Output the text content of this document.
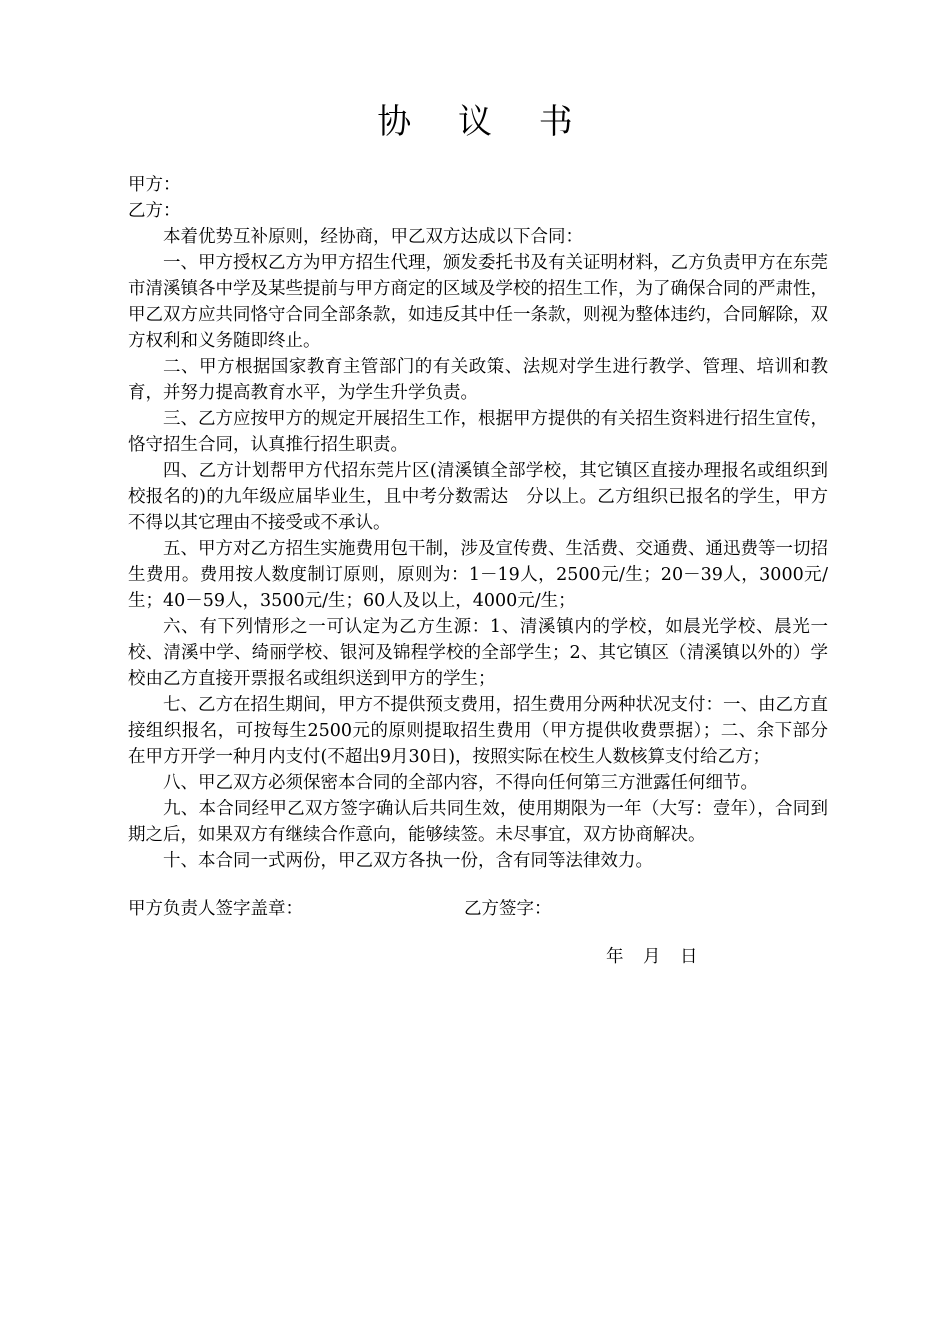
协 议 书

甲方：

乙方：

本着优势互补原则，经协商，甲乙双方达成以下合同：

一、甲方授权乙方为甲方招生代理，颁发委托书及有关证明材料，乙方负责甲方在东莞市清溪镇各中学及某些提前与甲方商定的区域及学校的招生工作，为了确保合同的严肃性，甲乙双方应共同恪守合同全部条款，如违反其中任一条款，则视为整体违约，合同解除，双方权利和义务随即终止。

二、甲方根据国家教育主管部门的有关政策、法规对学生进行教学、管理、培训和教育，并努力提高教育水平，为学生升学负责。

三、乙方应按甲方的规定开展招生工作，根据甲方提供的有关招生资料进行招生宣传，恪守招生合同，认真推行招生职责。

四、乙方计划帮甲方代招东莞片区(清溪镇全部学校，其它镇区直接办理报名或组织到校报名的)的九年级应届毕业生，且中考分数需达　分以上。乙方组织已报名的学生，甲方不得以其它理由不接受或不承认。

五、甲方对乙方招生实施费用包干制，涉及宣传费、生活费、交通费、通迅费等一切招生费用。费用按人数度制订原则，原则为：1－19人，2500元/生；20－39人，3000元/生；40－59人，3500元/生；60人及以上，4000元/生；

六、有下列情形之一可认定为乙方生源：1、清溪镇内的学校，如晨光学校、晨光一校、清溪中学、绮丽学校、银河及锦程学校的全部学生；2、其它镇区（清溪镇以外的）学校由乙方直接开票报名或组织送到甲方的学生；

七、乙方在招生期间，甲方不提供预支费用，招生费用分两种状况支付：一、由乙方直接组织报名，可按每生2500元的原则提取招生费用（甲方提供收费票据）；二、余下部分在甲方开学一种月内支付(不超出9月30日)，按照实际在校生人数核算支付给乙方；

八、甲乙双方必须保密本合同的全部内容，不得向任何第三方泄露任何细节。

九、本合同经甲乙双方签字确认后共同生效，使用期限为一年（大写：壹年），合同到期之后，如果双方有继续合作意向，能够续签。未尽事宜，双方协商解决。

十、本合同一式两份，甲乙双方各执一份，含有同等法律效力。

甲方负责人签字盖章：	乙方签字：
年　月　日
